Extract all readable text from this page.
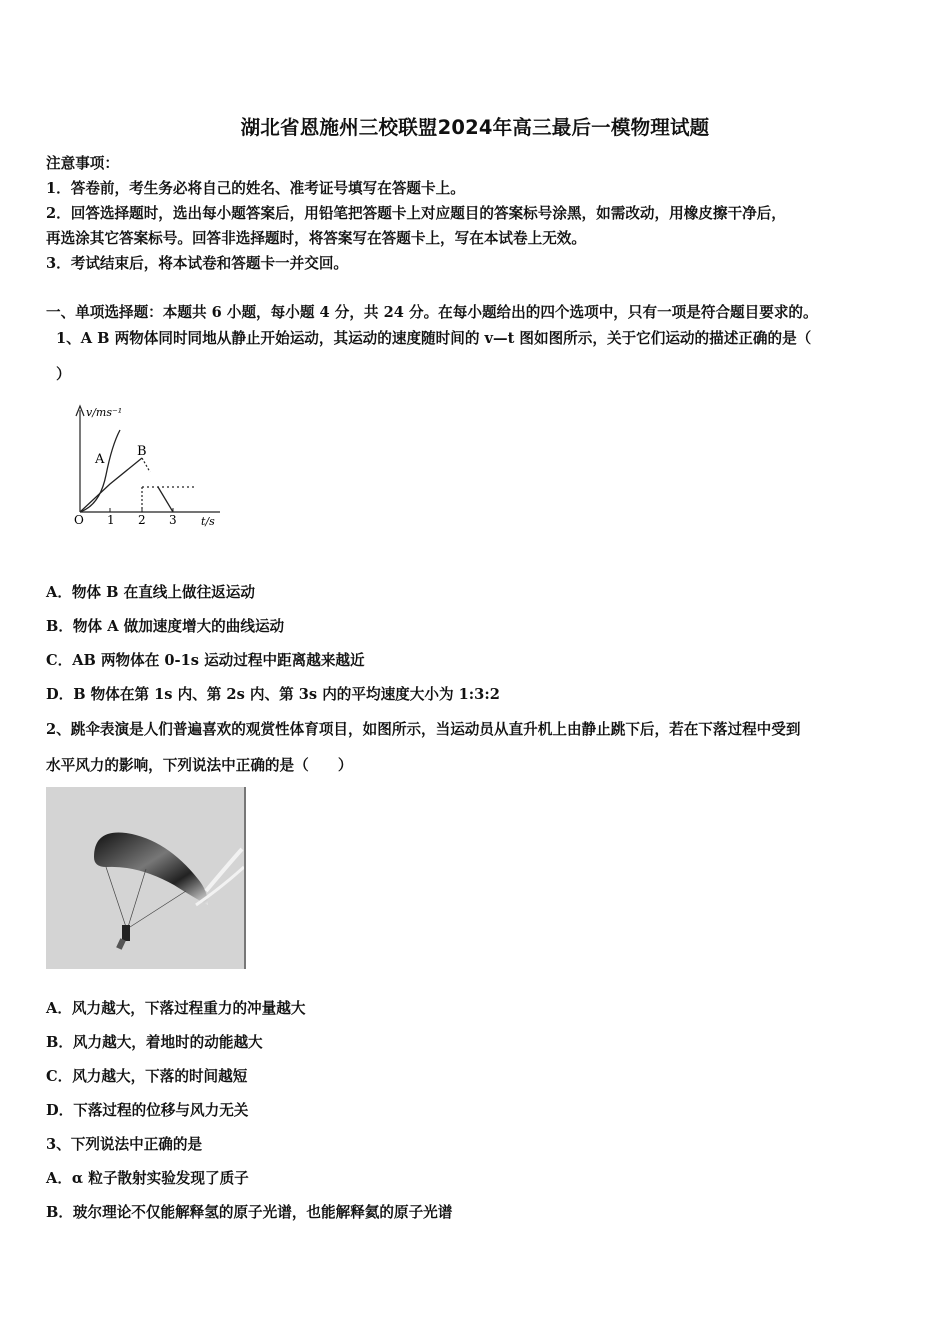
湖北省恩施州三校联盟2024年高三最后一模物理试题
注意事项：
1．答卷前，考生务必将自己的姓名、准考证号填写在答题卡上。
2．回答选择题时，选出每小题答案后，用铅笔把答题卡上对应题目的答案标号涂黑，如需改动，用橡皮擦干净后，
再选涂其它答案标号。回答非选择题时，将答案写在答题卡上，写在本试卷上无效。
3．考试结束后，将本试卷和答题卡一并交回。
一、单项选择题：本题共 6 小题，每小题 4 分，共 24 分。在每小题给出的四个选项中，只有一项是符合题目要求的。
1、A B 两物体同时同地从静止开始运动，其运动的速度随时间的 v—t 图如图所示，关于它们运动的描述正确的是（
）
v/ms⁻¹
t/s
O 1 2 3
A
B
A．物体 B 在直线上做往返运动
B．物体 A 做加速度增大的曲线运动
C．AB 两物体在 0-1s 运动过程中距离越来越近
D．B 物体在第 1s 内、第 2s 内、第 3s 内的平均速度大小为 1:3:2
2、跳伞表演是人们普遍喜欢的观赏性体育项目，如图所示，当运动员从直升机上由静止跳下后，若在下落过程中受到
水平风力的影响，下列说法中正确的是（　　）
A．风力越大，下落过程重力的冲量越大
B．风力越大，着地时的动能越大
C．风力越大，下落的时间越短
D．下落过程的位移与风力无关
3、下列说法中正确的是
A．α 粒子散射实验发现了质子
B．玻尔理论不仅能解释氢的原子光谱，也能解释氦的原子光谱
